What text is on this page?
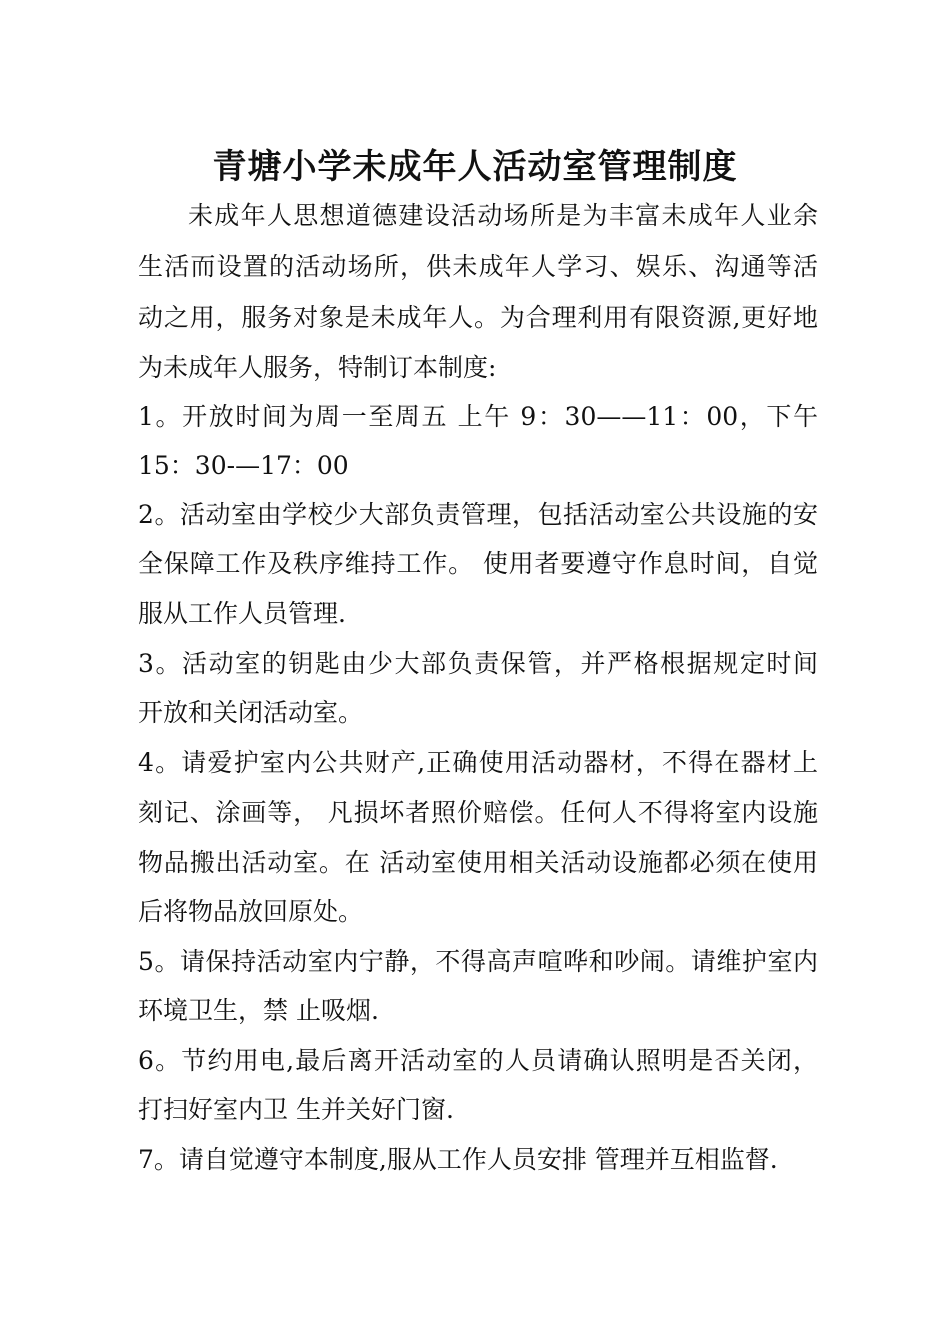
青塘小学未成年人活动室管理制度
未成年人思想道德建设活动场所是为丰富未成年人业余
生活而设置的活动场所，供未成年人学习、娱乐、沟通等活
动之用，服务对象是未成年人。为合理利用有限资源,更好地
为未成年人服务，特制订本制度:
1。开放时间为周一至周五 上午 9：30——11：00，下午
15：30-—17：00
2。活动室由学校少大部负责管理，包括活动室公共设施的安
全保障工作及秩序维持工作。 使用者要遵守作息时间，自觉
服从工作人员管理.
3。活动室的钥匙由少大部负责保管，并严格根据规定时间
开放和关闭活动室。
4。请爱护室内公共财产,正确使用活动器材，不得在器材上
刻记、涂画等， 凡损坏者照价赔偿。任何人不得将室内设施
物品搬出活动室。在 活动室使用相关活动设施都必须在使用
后将物品放回原处。
5。请保持活动室内宁静，不得高声喧哗和吵闹。请维护室内
环境卫生，禁 止吸烟.
6。节约用电,最后离开活动室的人员请确认照明是否关闭，
打扫好室内卫 生并关好门窗.
7。请自觉遵守本制度,服从工作人员安排 管理并互相监督.
